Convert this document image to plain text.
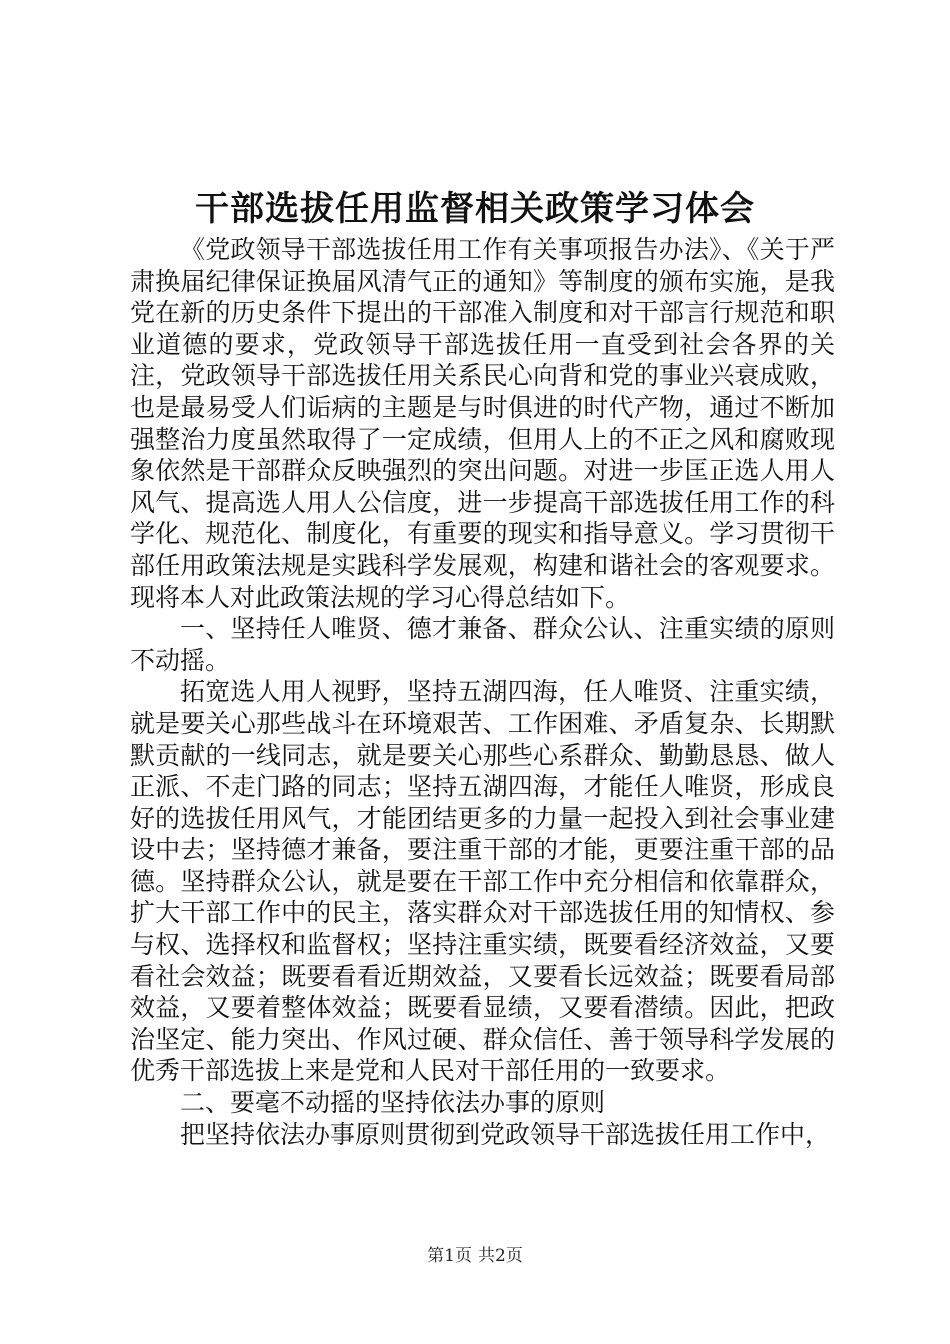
干部选拔任用监督相关政策学习体会

《党政领导干部选拔任用工作有关事项报告办法》、《关于严肃换届纪律保证换届风清气正的通知》等制度的颁布实施，是我党在新的历史条件下提出的干部准入制度和对干部言行规范和职业道德的要求，党政领导干部选拔任用一直受到社会各界的关注，党政领导干部选拔任用关系民心向背和党的事业兴衰成败，也是最易受人们诟病的主题是与时俱进的时代产物，通过不断加强整治力度虽然取得了一定成绩，但用人上的不正之风和腐败现象依然是干部群众反映强烈的突出问题。对进一步匡正选人用人风气、提高选人用人公信度，进一步提高干部选拔任用工作的科学化、规范化、制度化，有重要的现实和指导意义。学习贯彻干部任用政策法规是实践科学发展观，构建和谐社会的客观要求。现将本人对此政策法规的学习心得总结如下。

一、坚持任人唯贤、德才兼备、群众公认、注重实绩的原则不动摇。

拓宽选人用人视野，坚持五湖四海，任人唯贤、注重实绩，就是要关心那些战斗在环境艰苦、工作困难、矛盾复杂、长期默默贡献的一线同志，就是要关心那些心系群众、勤勤恳恳、做人正派、不走门路的同志；坚持五湖四海，才能任人唯贤，形成良好的选拔任用风气，才能团结更多的力量一起投入到社会事业建设中去；坚持德才兼备，要注重干部的才能，更要注重干部的品德。坚持群众公认，就是要在干部工作中充分相信和依靠群众，扩大干部工作中的民主，落实群众对干部选拔任用的知情权、参与权、选择权和监督权；坚持注重实绩，既要看经济效益，又要看社会效益；既要看看近期效益，又要看长远效益；既要看局部效益，又要着整体效益；既要看显绩，又要看潜绩。因此，把政治坚定、能力突出、作风过硬、群众信任、善于领导科学发展的优秀干部选拔上来是党和人民对干部任用的一致要求。

二、要毫不动摇的坚持依法办事的原则

把坚持依法办事原则贯彻到党政领导干部选拔任用工作中，

第1页 共2页
